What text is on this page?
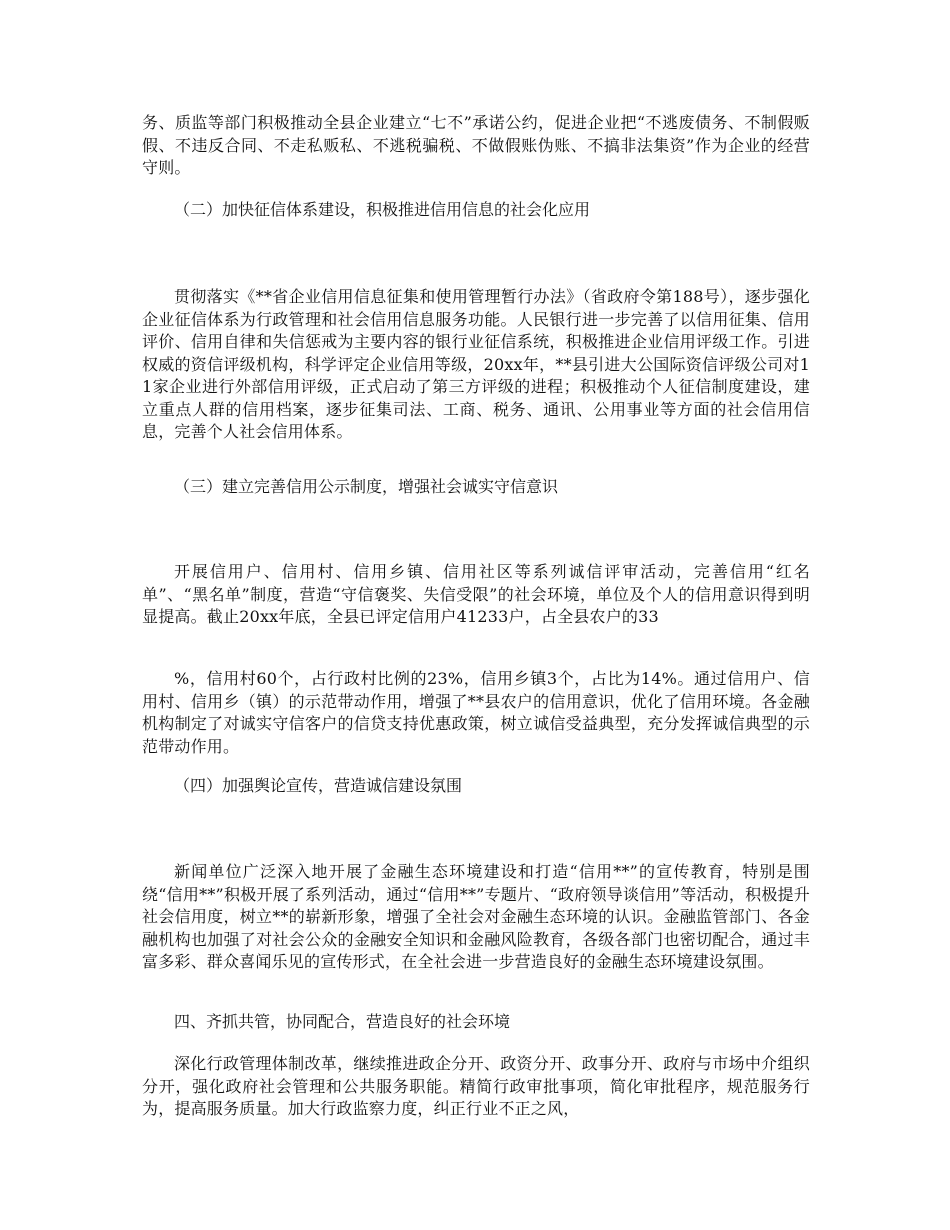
务、质监等部门积极推动全县企业建立“七不”承诺公约，促进企业把“不逃废债务、不制假贩假、不违反合同、不走私贩私、不逃税骗税、不做假账伪账、不搞非法集资”作为企业的经营守则。

（二）加快征信体系建设，积极推进信用信息的社会化应用

贯彻落实《**省企业信用信息征集和使用管理暂行办法》（省政府令第188号），逐步强化企业征信体系为行政管理和社会信用信息服务功能。人民银行进一步完善了以信用征集、信用评价、信用自律和失信惩戒为主要内容的银行业征信系统，积极推进企业信用评级工作。引进权威的资信评级机构，科学评定企业信用等级，20xx年，**县引进大公国际资信评级公司对11家企业进行外部信用评级，正式启动了第三方评级的进程；积极推动个人征信制度建设，建立重点人群的信用档案，逐步征集司法、工商、税务、通讯、公用事业等方面的社会信用信息，完善个人社会信用体系。

（三）建立完善信用公示制度，增强社会诚实守信意识

开展信用户、信用村、信用乡镇、信用社区等系列诚信评审活动，完善信用“红名单”、“黑名单”制度，营造“守信褒奖、失信受限”的社会环境，单位及个人的信用意识得到明显提高。截止20xx年底，全县已评定信用户41233户，占全县农户的33

%，信用村60个，占行政村比例的23%，信用乡镇3个，占比为14%。通过信用户、信用村、信用乡（镇）的示范带动作用，增强了**县农户的信用意识，优化了信用环境。各金融机构制定了对诚实守信客户的信贷支持优惠政策，树立诚信受益典型，充分发挥诚信典型的示范带动作用。

（四）加强舆论宣传，营造诚信建设氛围

新闻单位广泛深入地开展了金融生态环境建设和打造“信用**”的宣传教育，特别是围绕“信用**”积极开展了系列活动，通过“信用**”专题片、“政府领导谈信用”等活动，积极提升社会信用度，树立**的崭新形象，增强了全社会对金融生态环境的认识。金融监管部门、各金融机构也加强了对社会公众的金融安全知识和金融风险教育，各级各部门也密切配合，通过丰富多彩、群众喜闻乐见的宣传形式，在全社会进一步营造良好的金融生态环境建设氛围。

四、齐抓共管，协同配合，营造良好的社会环境

深化行政管理体制改革，继续推进政企分开、政资分开、政事分开、政府与市场中介组织分开，强化政府社会管理和公共服务职能。精简行政审批事项，简化审批程序，规范服务行为，提高服务质量。加大行政监察力度，纠正行业不正之风，
